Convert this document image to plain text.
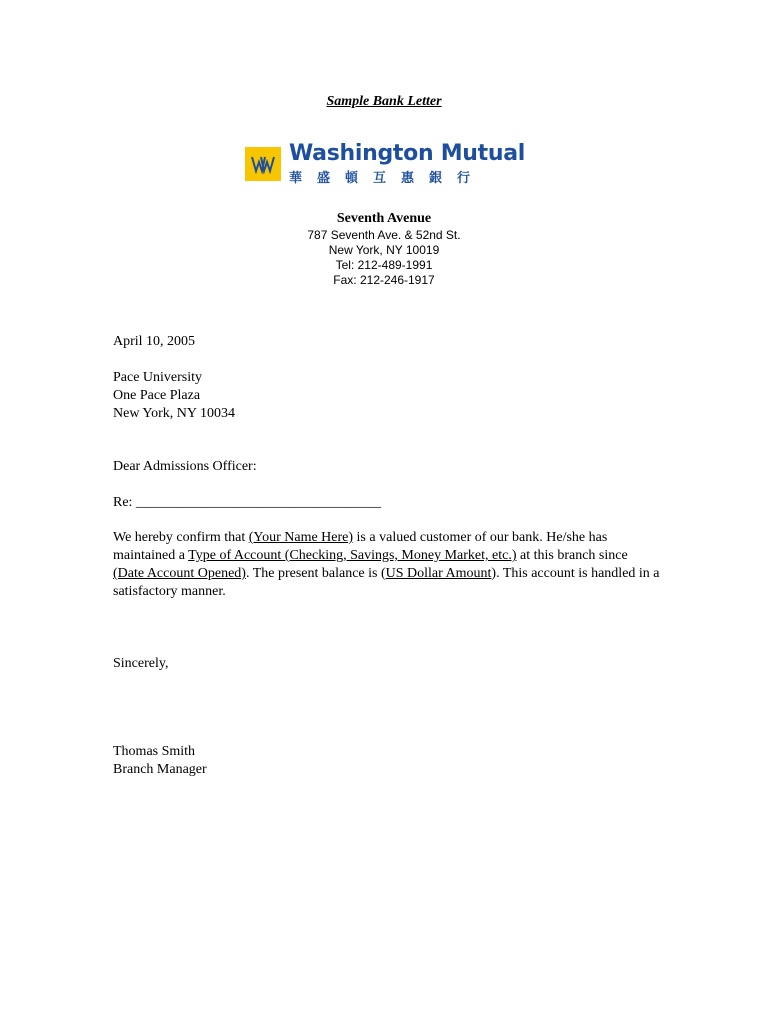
Sample Bank Letter
Washington Mutual
華盛頓互惠銀行
Seventh Avenue
787 Seventh Ave. & 52nd St.
New York, NY 10019
Tel: 212-489-1991
Fax: 212-246-1917
April 10, 2005
Pace University
One Pace Plaza
New York, NY 10034
Dear Admissions Officer:
Re: ___________________________________
We hereby confirm that (Your Name Here) is a valued customer of our bank. He/she has maintained a Type of Account (Checking, Savings, Money Market, etc.) at this branch since (Date Account Opened). The present balance is (US Dollar Amount). This account is handled in a satisfactory manner.
Sincerely,
Thomas Smith
Branch Manager
